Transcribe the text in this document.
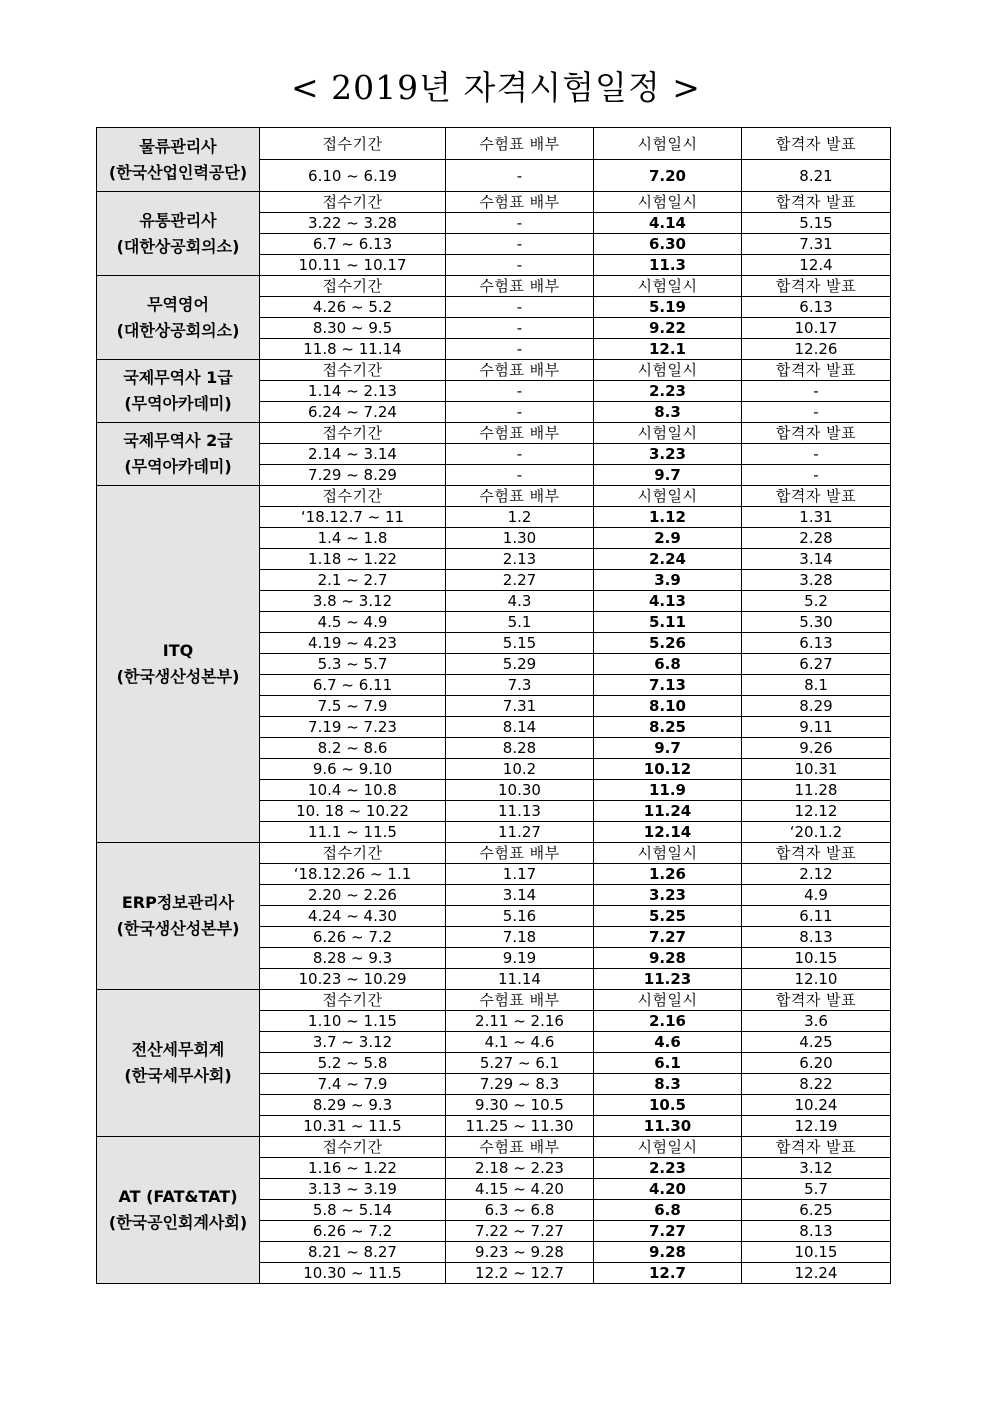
< 2019년 자격시험일정 >
물류관리사
(한국산업인력공단)	접수기간	수험표 배부	시험일시	합격자 발표
	6.10 ~ 6.19	-	7.20	8.21

유통관리사
(대한상공회의소)	접수기간	수험표 배부	시험일시	합격자 발표
	3.22 ~ 3.28	-	4.14	5.15
	6.7 ~ 6.13	-	6.30	7.31
	10.11 ~ 10.17	-	11.3	12.4

무역영어
(대한상공회의소)	접수기간	수험표 배부	시험일시	합격자 발표
	4.26 ~ 5.2	-	5.19	6.13
	8.30 ~ 9.5	-	9.22	10.17
	11.8 ~ 11.14	-	12.1	12.26

국제무역사 1급
(무역아카데미)	접수기간	수험표 배부	시험일시	합격자 발표
	1.14 ~ 2.13	-	2.23	-
	6.24 ~ 7.24	-	8.3	-

국제무역사 2급
(무역아카데미)	접수기간	수험표 배부	시험일시	합격자 발표
	2.14 ~ 3.14	-	3.23	-
	7.29 ~ 8.29	-	9.7	-

ITQ
(한국생산성본부)	접수기간	수험표 배부	시험일시	합격자 발표
	‘18.12.7 ~ 11	1.2	1.12	1.31
	1.4 ~ 1.8	1.30	2.9	2.28
	1.18 ~ 1.22	2.13	2.24	3.14
	2.1 ~ 2.7	2.27	3.9	3.28
	3.8 ~ 3.12	4.3	4.13	5.2
	4.5 ~ 4.9	5.1	5.11	5.30
	4.19 ~ 4.23	5.15	5.26	6.13
	5.3 ~ 5.7	5.29	6.8	6.27
	6.7 ~ 6.11	7.3	7.13	8.1
	7.5 ~ 7.9	7.31	8.10	8.29
	7.19 ~ 7.23	8.14	8.25	9.11
	8.2 ~ 8.6	8.28	9.7	9.26
	9.6 ~ 9.10	10.2	10.12	10.31
	10.4 ~ 10.8	10.30	11.9	11.28
	10. 18 ~ 10.22	11.13	11.24	12.12
	11.1 ~ 11.5	11.27	12.14	‘20.1.2

ERP정보관리사
(한국생산성본부)	접수기간	수험표 배부	시험일시	합격자 발표
	‘18.12.26 ~ 1.1	1.17	1.26	2.12
	2.20 ~ 2.26	3.14	3.23	4.9
	4.24 ~ 4.30	5.16	5.25	6.11
	6.26 ~ 7.2	7.18	7.27	8.13
	8.28 ~ 9.3	9.19	9.28	10.15
	10.23 ~ 10.29	11.14	11.23	12.10

전산세무회계
(한국세무사회)	접수기간	수험표 배부	시험일시	합격자 발표
	1.10 ~ 1.15	2.11 ~ 2.16	2.16	3.6
	3.7 ~ 3.12	4.1 ~ 4.6	4.6	4.25
	5.2 ~ 5.8	5.27 ~ 6.1	6.1	6.20
	7.4 ~ 7.9	7.29 ~ 8.3	8.3	8.22
	8.29 ~ 9.3	9.30 ~ 10.5	10.5	10.24
	10.31 ~ 11.5	11.25 ~ 11.30	11.30	12.19

AT (FAT&TAT)
(한국공인회계사회)	접수기간	수험표 배부	시험일시	합격자 발표
	1.16 ~ 1.22	2.18 ~ 2.23	2.23	3.12
	3.13 ~ 3.19	4.15 ~ 4.20	4.20	5.7
	5.8 ~ 5.14	6.3 ~ 6.8	6.8	6.25
	6.26 ~ 7.2	7.22 ~ 7.27	7.27	8.13
	8.21 ~ 8.27	9.23 ~ 9.28	9.28	10.15
	10.30 ~ 11.5	12.2 ~ 12.7	12.7	12.24
